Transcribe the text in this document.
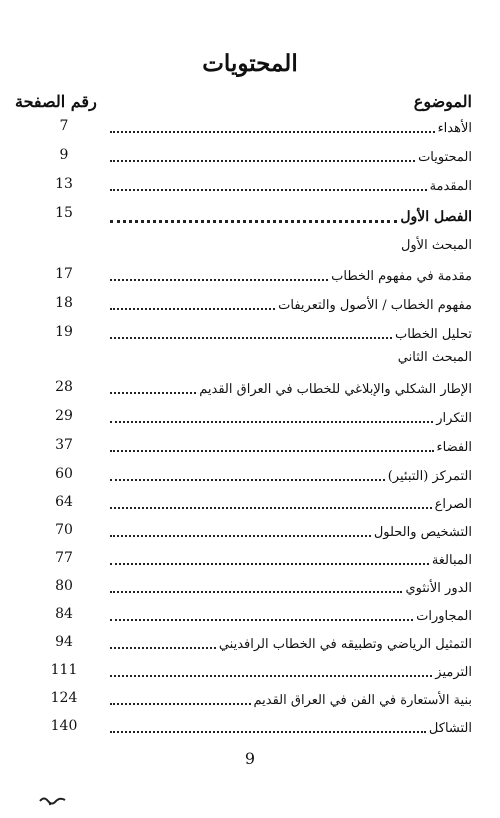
المحتويات
الموضوع
رقم الصفحة
الأهداء
7
المحتويات
9
المقدمة
13
الفصل الأول
15
المبحث الأول
مقدمة في مفهوم الخطاب
17
مفهوم الخطاب / الأصول والتعريفات
18
تحليل الخطاب
19
المبحث الثاني
الإطار الشكلي والإبلاغي للخطاب في العراق القديم
28
التكرار
29
الفضاء
37
التمركز (التبئير)
60
الصراع
64
التشخيص والحلول
70
المبالغة
77
الدور الأنثوي
80
المجاورات
84
التمثيل الرياضي وتطبيقه في الخطاب الرافديني
94
الترميز
111
بنية الأستعارة في الفن في العراق القديم
124
التشاكل
140
9
